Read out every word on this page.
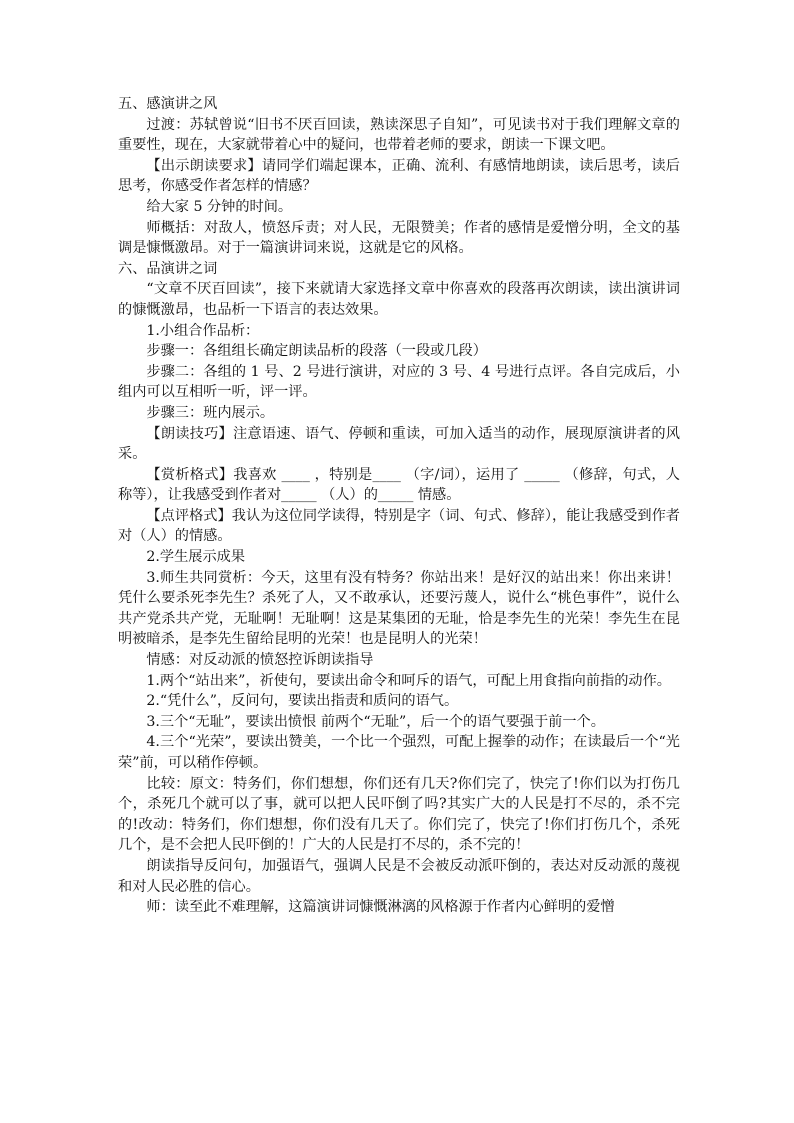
五、感演讲之风

过渡：苏轼曾说“旧书不厌百回读，熟读深思子自知”，可见读书对于我们理解文章的重要性，现在，大家就带着心中的疑问，也带着老师的要求，朗读一下课文吧。

【出示朗读要求】请同学们端起课本，正确、流利、有感情地朗读，读后思考，读后思考，你感受作者怎样的情感？

给大家 5 分钟的时间。

师概括：对敌人，愤怒斥责；对人民，无限赞美；作者的感情是爱憎分明，全文的基调是慷慨激昂。对于一篇演讲词来说，这就是它的风格。

六、品演讲之词

“文章不厌百回读”，接下来就请大家选择文章中你喜欢的段落再次朗读，读出演讲词的慷慨激昂，也品析一下语言的表达效果。

1.小组合作品析：

步骤一：各组组长确定朗读品析的段落（一段或几段）

步骤二：各组的 1 号、2 号进行演讲，对应的 3 号、4 号进行点评。各自完成后，小组内可以互相听一听，评一评。

步骤三：班内展示。

【朗读技巧】注意语速、语气、停顿和重读，可加入适当的动作，展现原演讲者的风采。

【赏析格式】我喜欢 ____ ，特别是____ （字/词），运用了 _____ （修辞，句式，人称等），让我感受到作者对_____ （人）的_____ 情感。

【点评格式】我认为这位同学读得，特别是字（词、句式、修辞），能让我感受到作者对（人）的情感。

2.学生展示成果

3.师生共同赏析：今天，这里有没有特务？你站出来！是好汉的站出来！你出来讲！凭什么要杀死李先生？杀死了人，又不敢承认，还要污蔑人，说什么“桃色事件”，说什么共产党杀共产党，无耻啊！无耻啊！这是某集团的无耻，恰是李先生的光荣！李先生在昆明被暗杀，是李先生留给昆明的光荣！也是昆明人的光荣！

情感：对反动派的愤怒控诉朗读指导

1.两个“站出来”，祈使句，要读出命令和呵斥的语气，可配上用食指向前指的动作。

2.“凭什么”，反问句，要读出指责和质问的语气。

3.三个“无耻”，要读出愤恨 前两个“无耻”，后一个的语气要强于前一个。

4.三个“光荣”，要读出赞美，一个比一个强烈，可配上握拳的动作；在读最后一个“光荣”前，可以稍作停顿。

比较：原文：特务们，你们想想，你们还有几天?你们完了，快完了!你们以为打伤几个，杀死几个就可以了事，就可以把人民吓倒了吗?其实广大的人民是打不尽的，杀不完的!改动：特务们，你们想想，你们没有几天了。你们完了，快完了!你们打伤几个，杀死几个，是不会把人民吓倒的！广大的人民是打不尽的，杀不完的！

朗读指导反问句，加强语气，强调人民是不会被反动派吓倒的，表达对反动派的蔑视和对人民必胜的信心。

师：读至此不难理解，这篇演讲词慷慨淋漓的风格源于作者内心鲜明的爱憎
